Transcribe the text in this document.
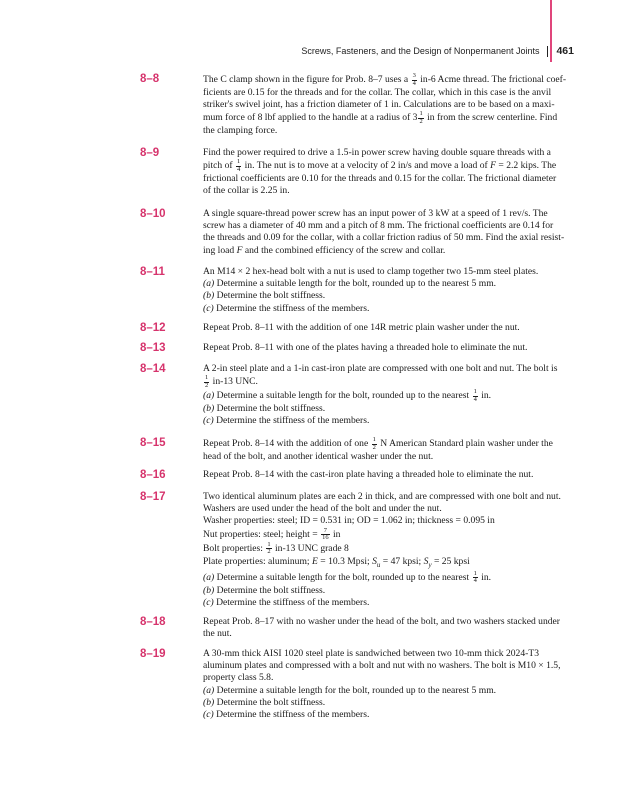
Screws, Fasteners, and the Design of Nonpermanent Joints 461
8–8	The C clamp shown in the figure for Prob. 8–7 uses a $\frac{3}{4} in-6$ Acme thread. The frictional coef-
ficients are 0.15 for the threads and for the collar. The collar, which in this case is the anvil
striker's swivel joint, has a friction diameter of 1 in. Calculations are to be based on a maxi-
mum force of 8 lbf applied to the handle at a radius of $3 \frac{1}{2}$ in from the screw centerline. Find
the clamping force.
8–9	Find the power required to drive a 1.5-in power screw having double square threads with a
pitch of $\frac{1}{4}$ in. The nut is to move at a velocity of 2 in/s and move a load of F = 2.2 kips. The
frictional coefficients are 0.10 for the threads and 0.15 for the collar. The frictional diameter
of the collar is 2.25 in.
8–10	A single square-thread power screw has an input power of 3 kW at a speed of 1 rev/s. The
screw has a diameter of 40 mm and a pitch of 8 mm. The frictional coefficients are 0.14 for
the threads and 0.09 for the collar, with a collar friction radius of 50 mm. Find the axial resist-
ing load F and the combined efficiency of the screw and collar.
8–11	An M14 × 2 hex-head bolt with a nut is used to clamp together two 15-mm steel plates.
(a) Determine a suitable length for the bolt, rounded up to the nearest 5 mm.
(b) Determine the bolt stiffness.
(c) Determine the stiffness of the members.
8–12	Repeat Prob. 8–11 with the addition of one 14R metric plain washer under the nut.
8–13	Repeat Prob. 8–11 with one of the plates having a threaded hole to eliminate the nut.
8–14	A 2-in steel plate and a 1-in cast-iron plate are compressed with one bolt and nut. The bolt is
$\frac{1}{2} in-13$ UNC.
(a) Determine a suitable length for the bolt, rounded up to the nearest $\frac{1}{4}$ in.
(b) Determine the bolt stiffness.
(c) Determine the stiffness of the members.
8–15	Repeat Prob. 8–14 with the addition of one $\frac{1}{2}$ N American Standard plain washer under the
head of the bolt, and another identical washer under the nut.
8–16	Repeat Prob. 8–14 with the cast-iron plate having a threaded hole to eliminate the nut.
8–17	Two identical aluminum plates are each 2 in thick, and are compressed with one bolt and nut.
Washers are used under the head of the bolt and under the nut.
Washer properties: steel; ID = 0.531 in; OD = 1.062 in; thickness = 0.095 in
Nut properties: steel; height = $\frac{7}{16}$ in
Bolt properties: $\frac{1}{2} in-13$ UNC grade 8
Plate properties: aluminum; E = 10.3 Mpsi; $S_u = 47$ kpsi; $S_y = 25$ kpsi
(a) Determine a suitable length for the bolt, rounded up to the nearest $\frac{1}{4}$ in.
(b) Determine the bolt stiffness.
(c) Determine the stiffness of the members.
8–18	Repeat Prob. 8–17 with no washer under the head of the bolt, and two washers stacked under
the nut.
8–19	A 30-mm thick AISI 1020 steel plate is sandwiched between two 10-mm thick 2024-T3
aluminum plates and compressed with a bolt and nut with no washers. The bolt is M10 × 1.5,
property class 5.8.
(a) Determine a suitable length for the bolt, rounded up to the nearest 5 mm.
(b) Determine the bolt stiffness.
(c) Determine the stiffness of the members.
